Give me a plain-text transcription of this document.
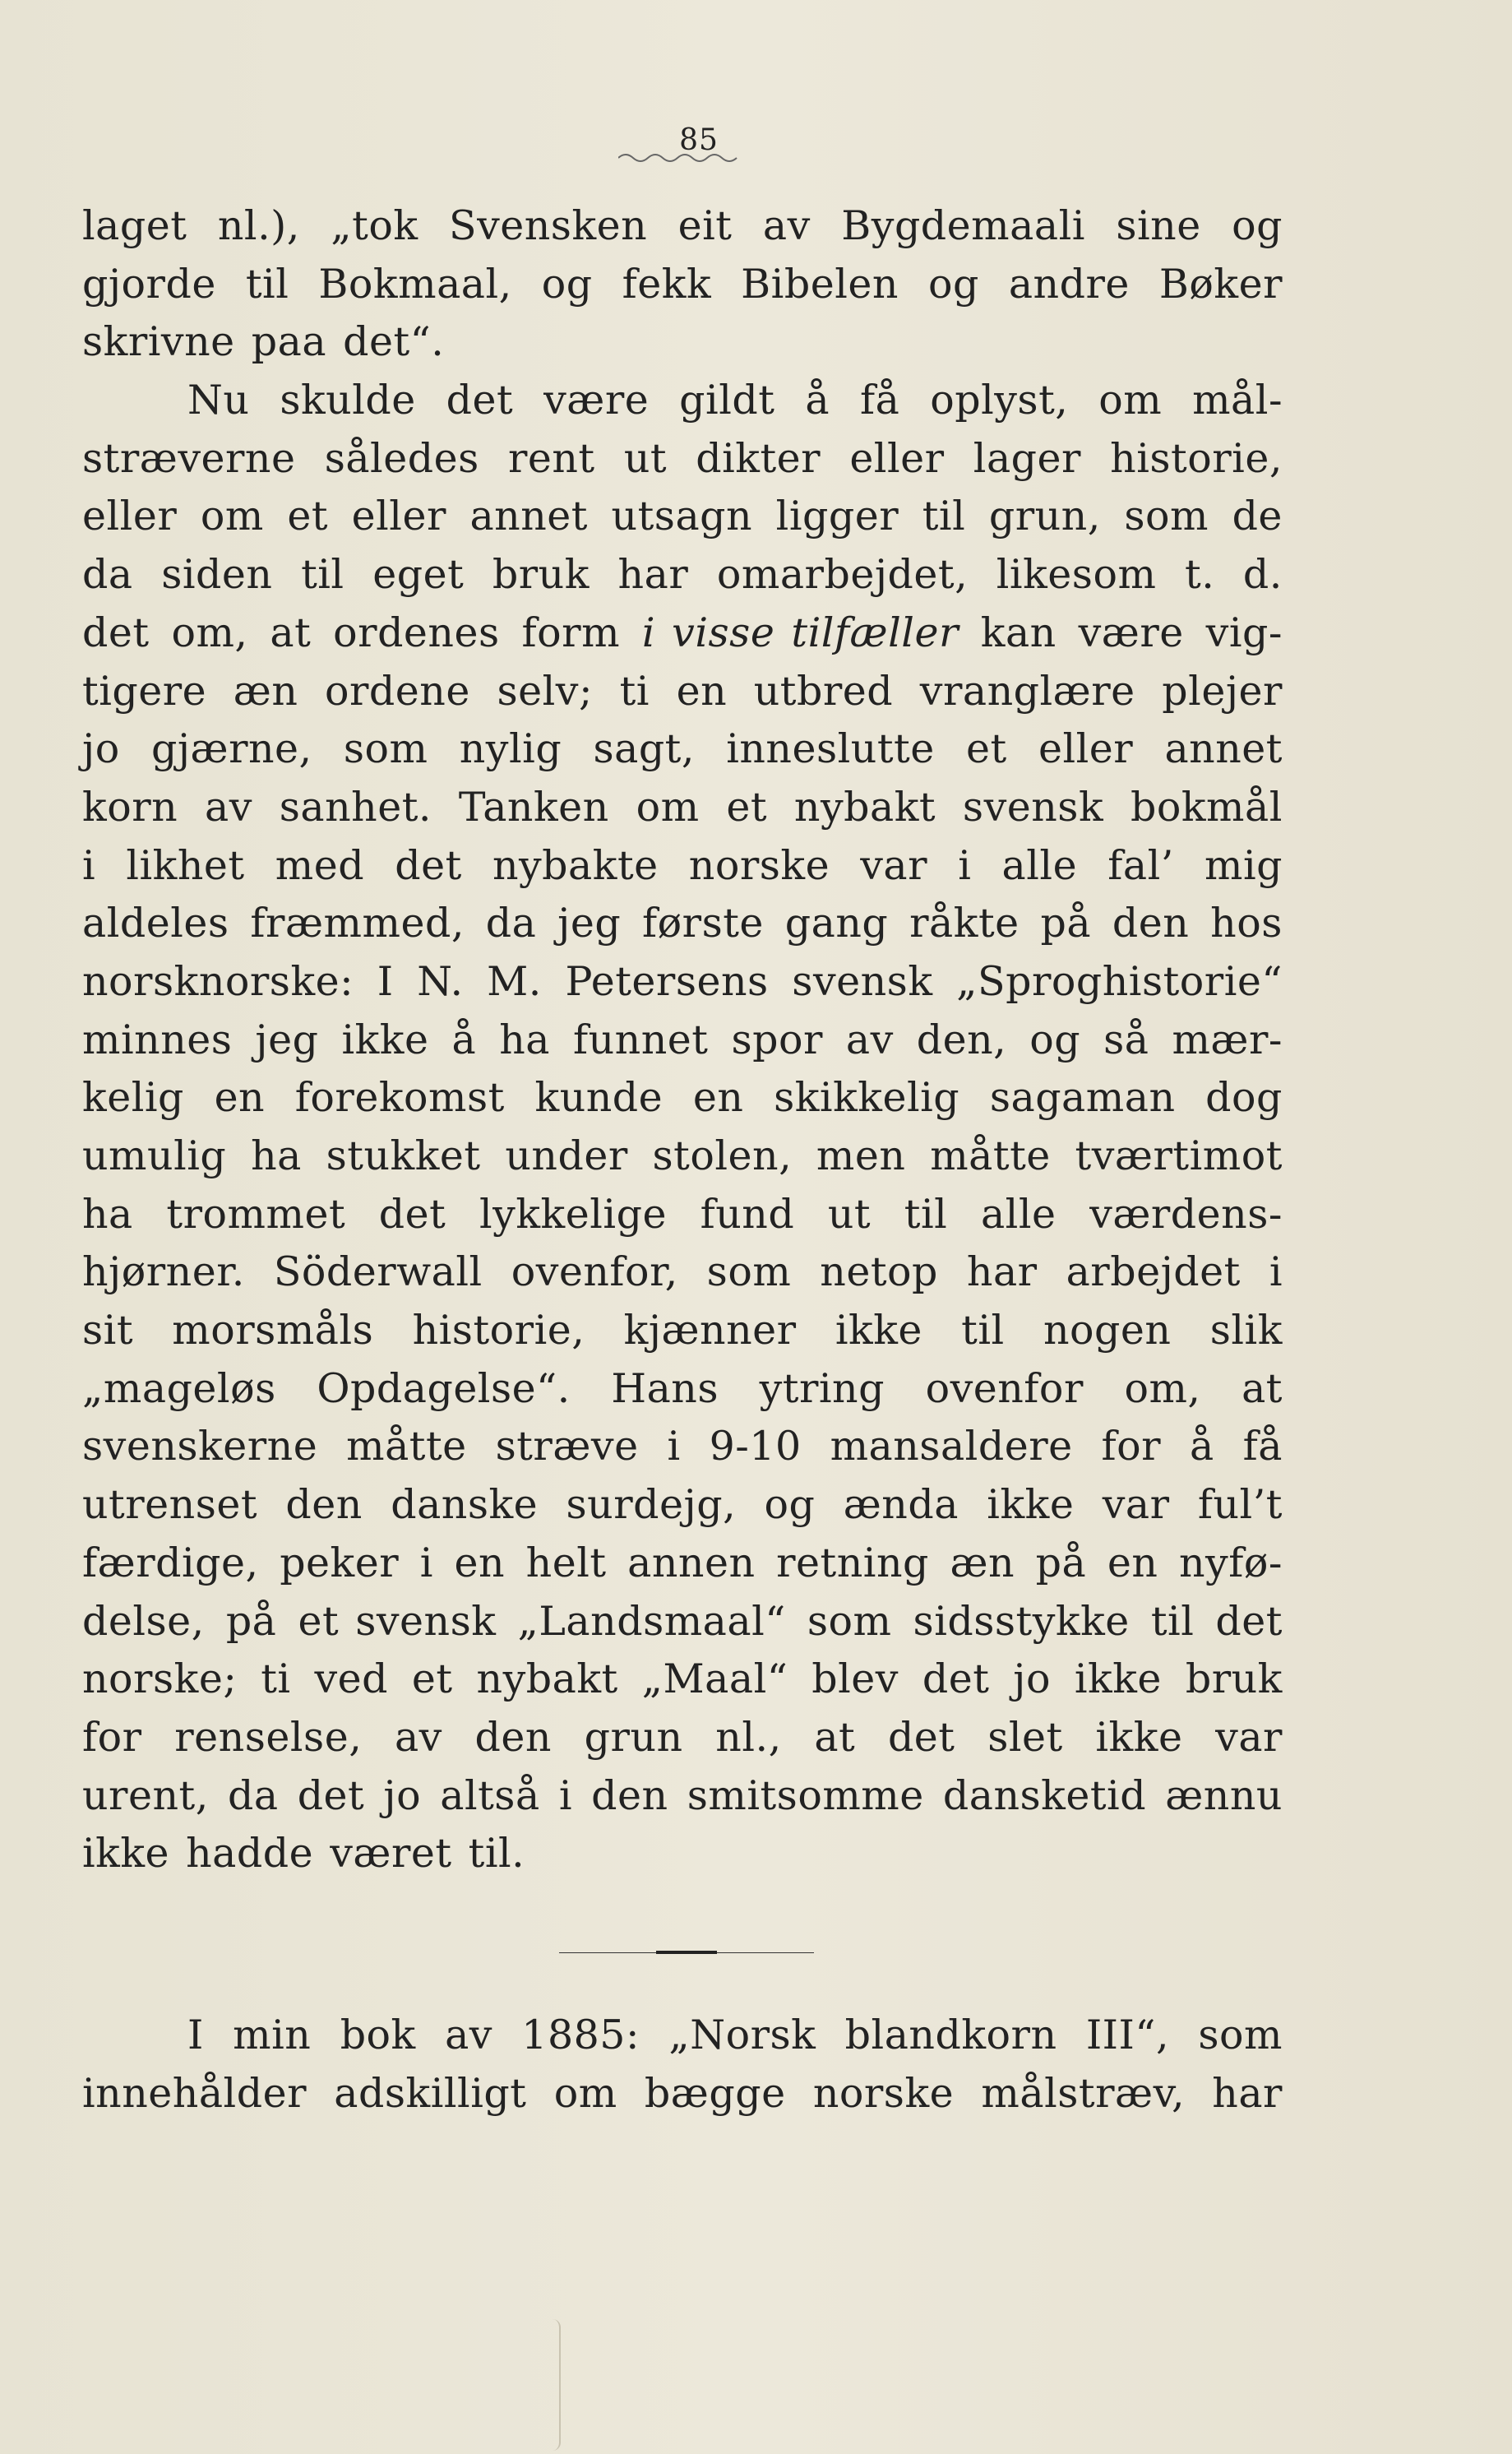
85
laget nl.), „tok Svensken eit av Bygdemaali sine og
gjorde til Bokmaal, og fekk Bibelen og andre Bøker
skrivne paa det“.
Nu skulde det være gildt å få oplyst, om mål-
stræverne således rent ut dikter eller lager historie,
eller om et eller annet utsagn ligger til grun, som de
da siden til eget bruk har omarbejdet, likesom t. d.
det om, at ordenes form i visse tilfæller kan være vig-
tigere æn ordene selv; ti en utbred vranglære plejer
jo gjærne, som nylig sagt, inneslutte et eller annet
korn av sanhet. Tanken om et nybakt svensk bokmål
i likhet med det nybakte norske var i alle fal’ mig
aldeles fræmmed, da jeg første gang råkte på den hos
norsknorske: I N. M. Petersens svensk „Sproghistorie“
minnes jeg ikke å ha funnet spor av den, og så mær-
kelig en forekomst kunde en skikkelig sagaman dog
umulig ha stukket under stolen, men måtte tværtimot
ha trommet det lykkelige fund ut til alle værdens-
hjørner. Söderwall ovenfor, som netop har arbejdet i
sit morsmåls historie, kjænner ikke til nogen slik
„mageløs Opdagelse“. Hans ytring ovenfor om, at
svenskerne måtte stræve i 9-10 mansaldere for å få
utrenset den danske surdejg, og ænda ikke var ful’t
færdige, peker i en helt annen retning æn på en nyfø-
delse, på et svensk „Landsmaal“ som sidsstykke til det
norske; ti ved et nybakt „Maal“ blev det jo ikke bruk
for renselse, av den grun nl., at det slet ikke var
urent, da det jo altså i den smitsomme dansketid ænnu
ikke hadde været til.
I min bok av 1885: „Norsk blandkorn III“, som
innehålder adskilligt om bægge norske målstræv, har
